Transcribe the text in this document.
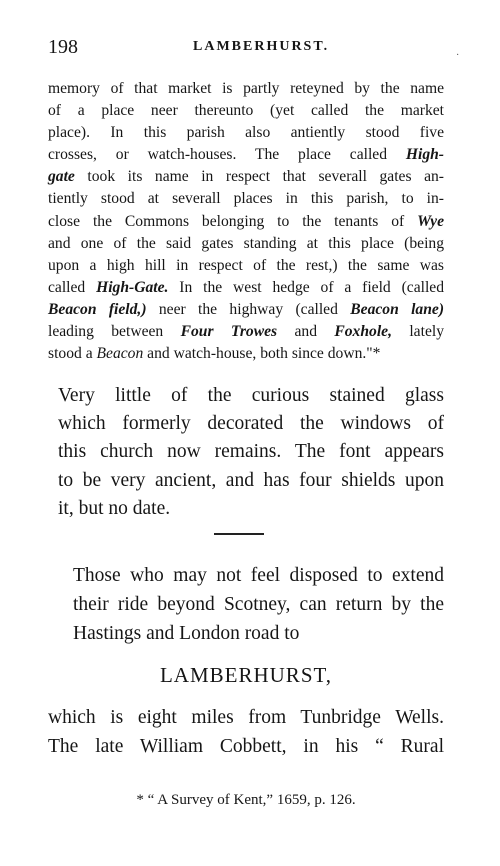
198	LAMBERHURST.
·
memory of that market is partly reteyned by the name
of a place neer thereunto (yet called the market
place). In this parish also antiently stood five
crosses, or watch-houses. The place called High-
gate took its name in respect that severall gates an-
tiently stood at severall places in this parish, to in-
close the Commons belonging to the tenants of Wye
and one of the said gates standing at this place (being
upon a high hill in respect of the rest,) the same was
called High-Gate. In the west hedge of a field (called
Beacon field,) neer the highway (called Beacon lane)
leading between Four Trowes and Foxhole, lately
stood a Beacon and watch-house, both since down."*
Very little of the curious stained glass
which formerly decorated the windows of
this church now remains. The font appears
to be very ancient, and has four shields upon
it, but no date.
Those who may not feel disposed to extend
their ride beyond Scotney, can return by the
Hastings and London road to
LAMBERHURST,
which is eight miles from Tunbridge Wells.
The late William Cobbett, in his “ Rural
* “ A Survey of Kent,” 1659, p. 126.
